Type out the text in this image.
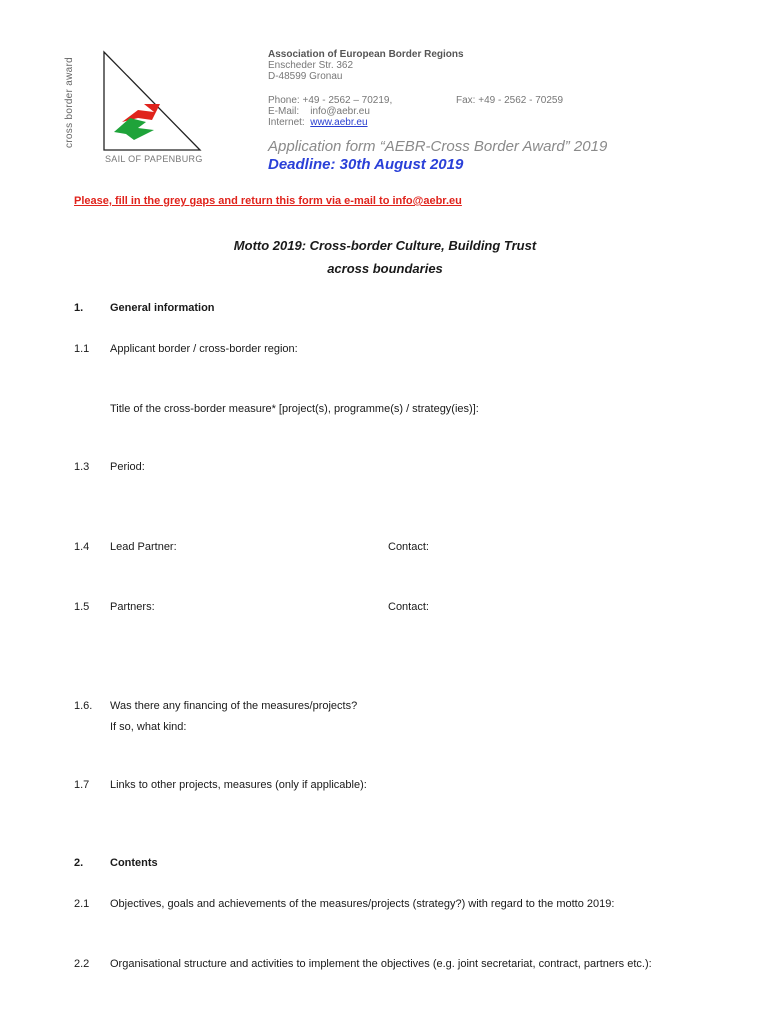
cross border award
SAIL OF PAPENBURG
Association of European Border Regions
Enscheder Str. 362
D-48599 Gronau
Phone: +49 - 2562 – 70219,
E-Mail: info@aebr.eu
Internet: www.aebr.eu
Fax: +49 - 2562 - 70259
Application form “AEBR-Cross Border Award” 2019
Deadline: 30th August 2019
Please, fill in the grey gaps and return this form via e-mail to info@aebr.eu
Motto 2019: Cross-border Culture, Building Trust
across boundaries
1. General information
1.1 Applicant border / cross-border region:
Title of the cross-border measure* [project(s), programme(s) / strategy(ies)]:
1.3 Period:
1.4 Lead Partner:	Contact:
1.5 Partners:	Contact:
1.6. Was there any financing of the measures/projects?
If so, what kind:
1.7 Links to other projects, measures (only if applicable):
2. Contents
2.1 Objectives, goals and achievements of the measures/projects (strategy?) with regard to the motto 2019:
2.2 Organisational structure and activities to implement the objectives (e.g. joint secretariat, contract, partners etc.):
